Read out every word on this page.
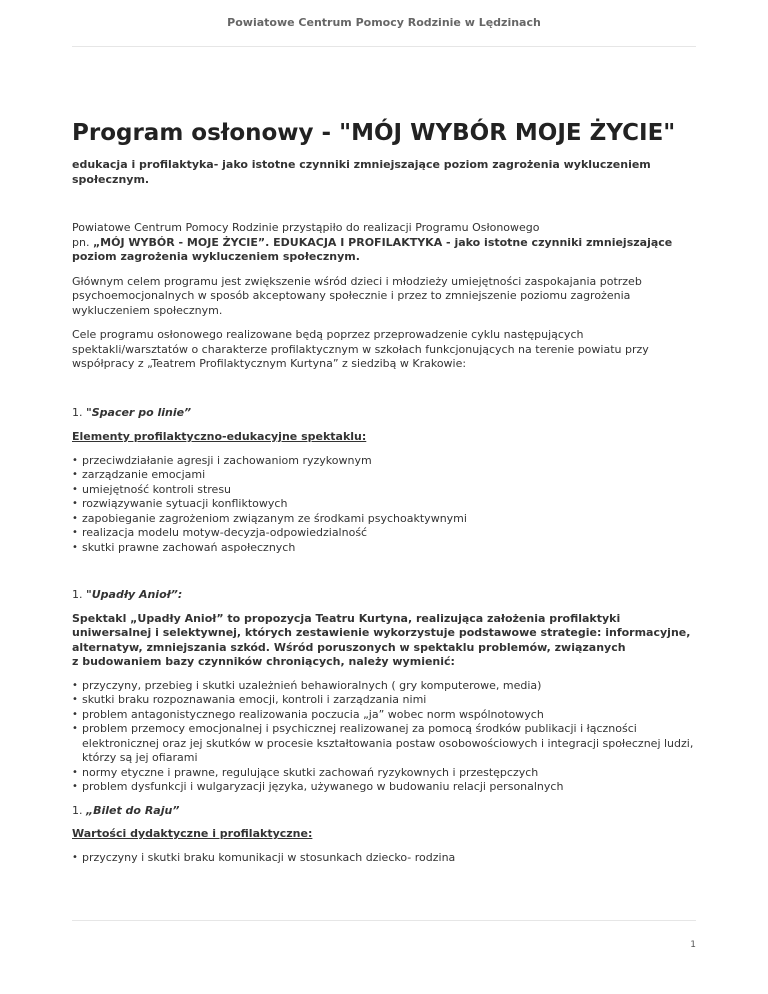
Powiatowe Centrum Pomocy Rodzinie w Lędzinach
Program osłonowy - "MÓJ WYBÓR MOJE ŻYCIE"

edukacja i profilaktyka- jako istotne czynniki zmniejszające poziom zagrożenia wykluczeniem społecznym.

Powiatowe Centrum Pomocy Rodzinie przystąpiło do realizacji Programu Osłonowego
pn. „MÓJ WYBÓR - MOJE ŻYCIE”. EDUKACJA I PROFILAKTYKA - jako istotne czynniki zmniejszające poziom zagrożenia wykluczeniem społecznym.

Głównym celem programu jest zwiększenie wśród dzieci i młodzieży umiejętności zaspokajania potrzeb psychoemocjonalnych w sposób akceptowany społecznie i przez to zmniejszenie poziomu zagrożenia wykluczeniem społecznym.

Cele programu osłonowego realizowane będą poprzez przeprowadzenie cyklu następujących spektakli/warsztatów o charakterze profilaktycznym w szkołach funkcjonujących na terenie powiatu przy współpracy z „Teatrem Profilaktycznym Kurtyna” z siedzibą w Krakowie:

1. "Spacer po linie”

Elementy profilaktyczno-edukacyjne spektaklu:

• przeciwdziałanie agresji i zachowaniom ryzykownym
• zarządzanie emocjami
• umiejętność kontroli stresu
• rozwiązywanie sytuacji konfliktowych
• zapobieganie zagrożeniom związanym ze środkami psychoaktywnymi
• realizacja modelu motyw-decyzja-odpowiedzialność
• skutki prawne zachowań aspołecznych

1. "Upadły Anioł”:

Spektakl „Upadły Anioł” to propozycja Teatru Kurtyna, realizująca założenia profilaktyki uniwersalnej i selektywnej, których zestawienie wykorzystuje podstawowe strategie: informacyjne, alternatyw, zmniejszania szkód. Wśród poruszonych w spektaklu problemów, związanych
z budowaniem bazy czynników chroniących, należy wymienić:

• przyczyny, przebieg i skutki uzależnień behawioralnych ( gry komputerowe, media)
• skutki braku rozpoznawania emocji, kontroli i zarządzania nimi
• problem antagonistycznego realizowania poczucia „ja” wobec norm wspólnotowych
• problem przemocy emocjonalnej i psychicznej realizowanej za pomocą środków publikacji i łączności elektronicznej oraz jej skutków w procesie kształtowania postaw osobowościowych i integracji społecznej ludzi, którzy są jej ofiarami
• normy etyczne i prawne, regulujące skutki zachowań ryzykownych i przestępczych
• problem dysfunkcji i wulgaryzacji języka, używanego w budowaniu relacji personalnych

1. „Bilet do Raju”

Wartości dydaktyczne i profilaktyczne:

• przyczyny i skutki braku komunikacji w stosunkach dziecko- rodzina
1
